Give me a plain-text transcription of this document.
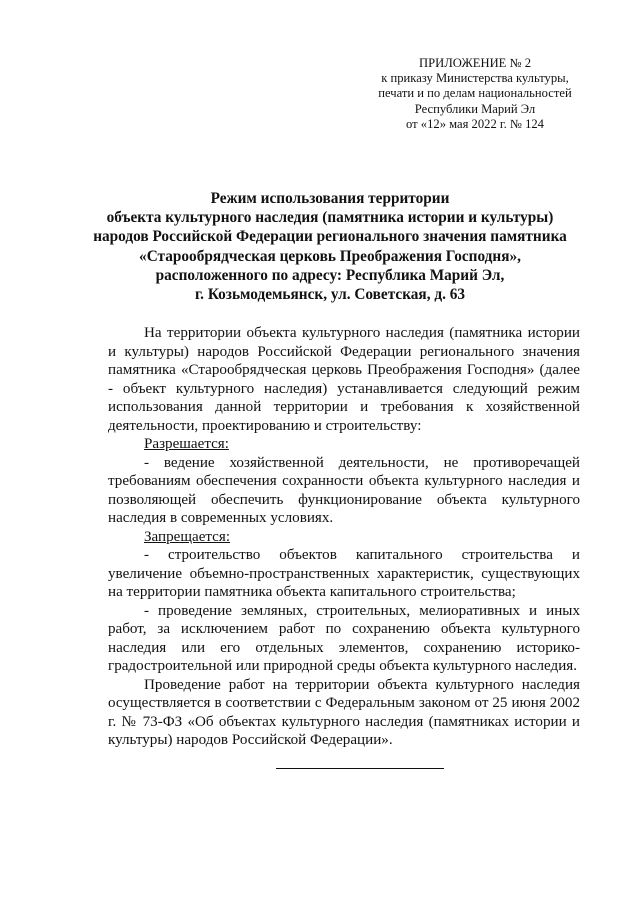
ПРИЛОЖЕНИЕ № 2
к приказу Министерства культуры,
печати и по делам национальностей
Республики Марий Эл
от «12» мая 2022 г. № 124
Режим использования территории
объекта культурного наследия (памятника истории и культуры)
народов Российской Федерации регионального значения памятника
«Старообрядческая церковь Преображения Господня»,
расположенного по адресу: Республика Марий Эл,
г. Козьмодемьянск, ул. Советская, д. 63

На территории объекта культурного наследия (памятника истории и культуры) народов Российской Федерации регионального значения памятника «Старообрядческая церковь Преображения Господня» (далее - объект культурного наследия) устанавливается следующий режим использования данной территории и требования к хозяйственной деятельности, проектированию и строительству:

Разрешается:

- ведение хозяйственной деятельности, не противоречащей требованиям обеспечения сохранности объекта культурного наследия и позволяющей обеспечить функционирование объекта культурного наследия в современных условиях.

Запрещается:

- строительство объектов капитального строительства и увеличение объемно-пространственных характеристик, существующих на территории памятника объекта капитального строительства;

- проведение земляных, строительных, мелиоративных и иных работ, за исключением работ по сохранению объекта культурного наследия или его отдельных элементов, сохранению историко-градостроительной или природной среды объекта культурного наследия.

Проведение работ на территории объекта культурного наследия осуществляется в соответствии с Федеральным законом от 25 июня 2002 г. № 73-ФЗ «Об объектах культурного наследия (памятниках истории и культуры) народов Российской Федерации».
